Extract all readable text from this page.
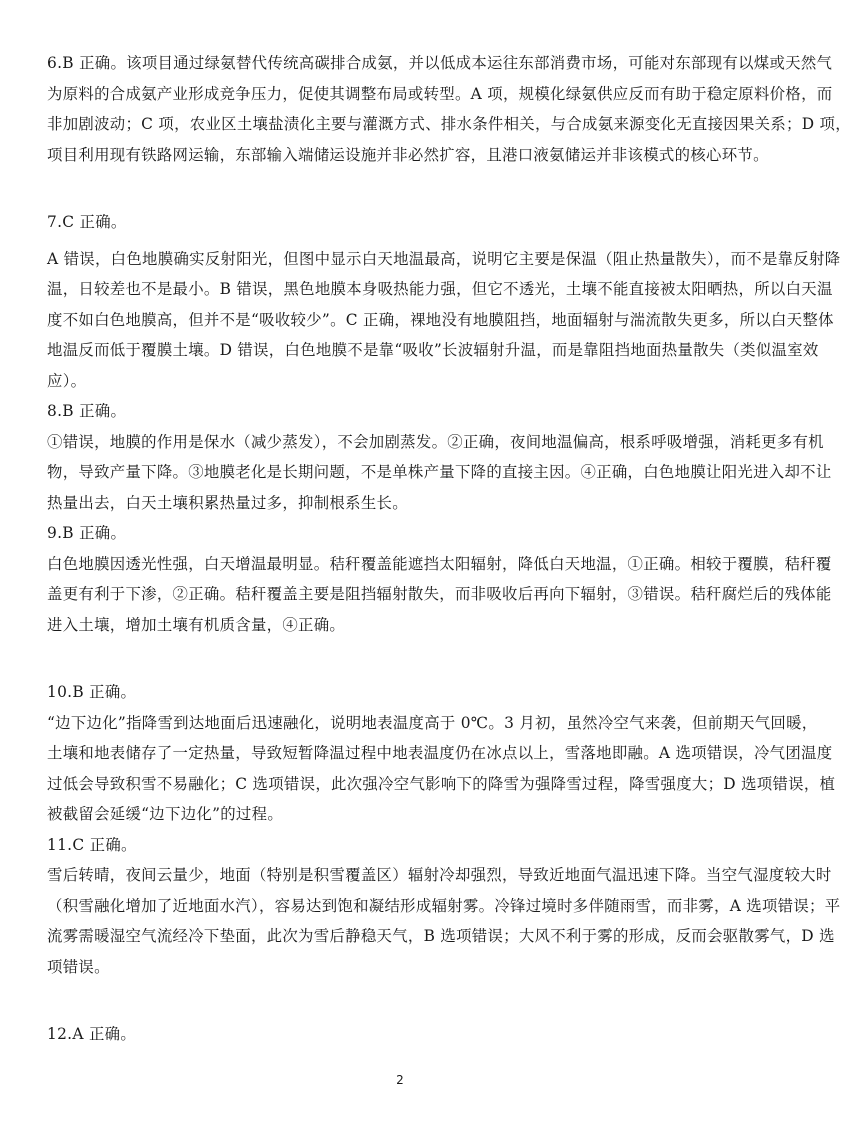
6.B 正确。该项目通过绿氨替代传统高碳排合成氨，并以低成本运往东部消费市场，可能对东部现有以煤或天然气
为原料的合成氨产业形成竞争压力，促使其调整布局或转型。A 项，规模化绿氨供应反而有助于稳定原料价格，而
非加剧波动；C 项，农业区土壤盐渍化主要与灌溉方式、排水条件相关，与合成氨来源变化无直接因果关系；D 项，
项目利用现有铁路网运输，东部输入端储运设施并非必然扩容，且港口液氨储运并非该模式的核心环节。
7.C 正确。
A 错误，白色地膜确实反射阳光，但图中显示白天地温最高，说明它主要是保温（阻止热量散失），而不是靠反射降
温，日较差也不是最小。B 错误，黑色地膜本身吸热能力强，但它不透光，土壤不能直接被太阳晒热，所以白天温
度不如白色地膜高，但并不是“吸收较少”。C 正确，裸地没有地膜阻挡，地面辐射与湍流散失更多，所以白天整体
地温反而低于覆膜土壤。D 错误，白色地膜不是靠“吸收”长波辐射升温，而是靠阻挡地面热量散失（类似温室效
应）。
8.B 正确。
①错误，地膜的作用是保水（减少蒸发），不会加剧蒸发。②正确，夜间地温偏高，根系呼吸增强，消耗更多有机
物，导致产量下降。③地膜老化是长期问题，不是单株产量下降的直接主因。④正确，白色地膜让阳光进入却不让
热量出去，白天土壤积累热量过多，抑制根系生长。
9.B 正确。
白色地膜因透光性强，白天增温最明显。秸秆覆盖能遮挡太阳辐射，降低白天地温，①正确。相较于覆膜，秸秆覆
盖更有利于下渗，②正确。秸秆覆盖主要是阻挡辐射散失，而非吸收后再向下辐射，③错误。秸秆腐烂后的残体能
进入土壤，增加土壤有机质含量，④正确。
10.B 正确。
“边下边化”指降雪到达地面后迅速融化，说明地表温度高于 0℃。3 月初，虽然冷空气来袭，但前期天气回暖，
土壤和地表储存了一定热量，导致短暂降温过程中地表温度仍在冰点以上，雪落地即融。A 选项错误，冷气团温度
过低会导致积雪不易融化；C 选项错误，此次强冷空气影响下的降雪为强降雪过程，降雪强度大；D 选项错误，植
被截留会延缓“边下边化”的过程。
11.C 正确。
雪后转晴，夜间云量少，地面（特别是积雪覆盖区）辐射冷却强烈，导致近地面气温迅速下降。当空气湿度较大时
（积雪融化增加了近地面水汽），容易达到饱和凝结形成辐射雾。冷锋过境时多伴随雨雪，而非雾，A 选项错误；平
流雾需暖湿空气流经冷下垫面，此次为雪后静稳天气，B 选项错误；大风不利于雾的形成，反而会驱散雾气，D 选
项错误。
12.A 正确。
2
